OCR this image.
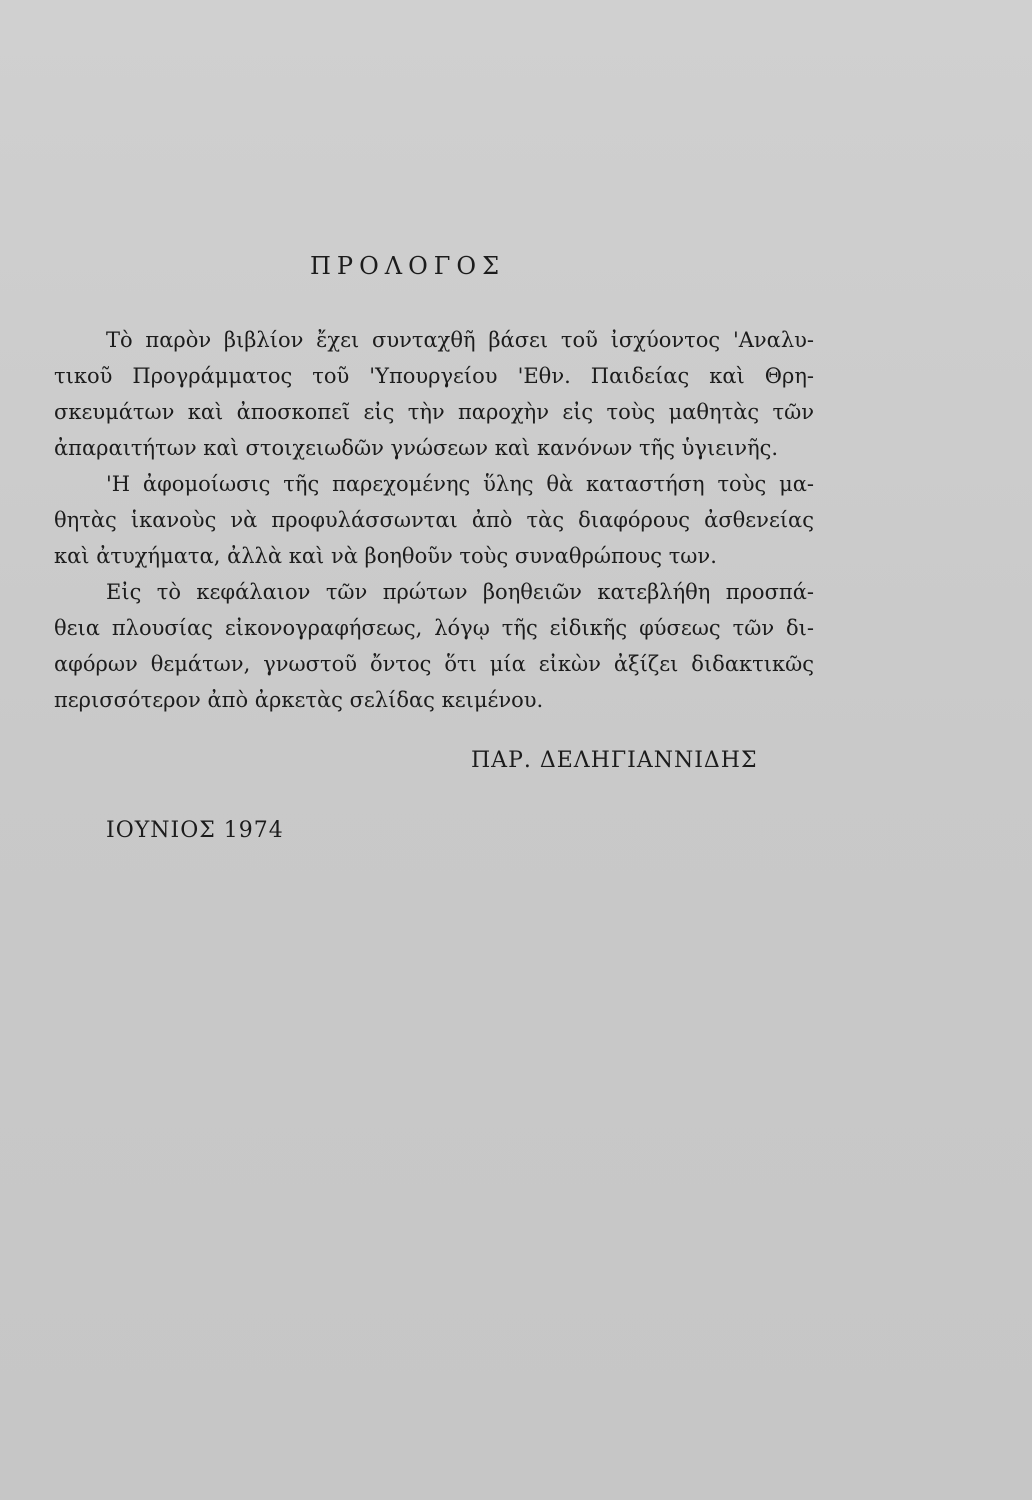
ΠΡΟΛΟΓΟΣ
Τὸ παρὸν βιβλίον ἔχει συνταχθῆ βάσει τοῦ ἰσχύοντος 'Αναλυ-
τικοῦ Προγράμματος τοῦ 'Υπουργείου 'Εθν. Παιδείας καὶ Θρη-
σκευμάτων καὶ ἀποσκοπεῖ εἰς τὴν παροχὴν εἰς τοὺς μαθητὰς τῶν
ἀπαραιτήτων καὶ στοιχειωδῶν γνώσεων καὶ κανόνων τῆς ὑγιεινῆς.
'Η ἀφομοίωσις τῆς παρεχομένης ὕλης θὰ καταστήση τοὺς μα-
θητὰς ἱκανοὺς νὰ προφυλάσσωνται ἀπὸ τὰς διαφόρους ἀσθενείας
καὶ ἀτυχήματα, ἀλλὰ καὶ νὰ βοηθοῦν τοὺς συναθρώπους των.
Εἰς τὸ κεφάλαιον τῶν πρώτων βοηθειῶν κατεβλήθη προσπά-
θεια πλουσίας εἰκονογραφήσεως, λόγῳ τῆς εἰδικῆς φύσεως τῶν δι-
αφόρων θεμάτων, γνωστοῦ ὄντος ὅτι μία εἰκὼν ἀξίζει διδακτικῶς
περισσότερον ἀπὸ ἀρκετὰς σελίδας κειμένου.
ΠΑΡ. ΔΕΛΗΓΙΑΝΝΙΔΗΣ
ΙΟΥΝΙΟΣ 1974
